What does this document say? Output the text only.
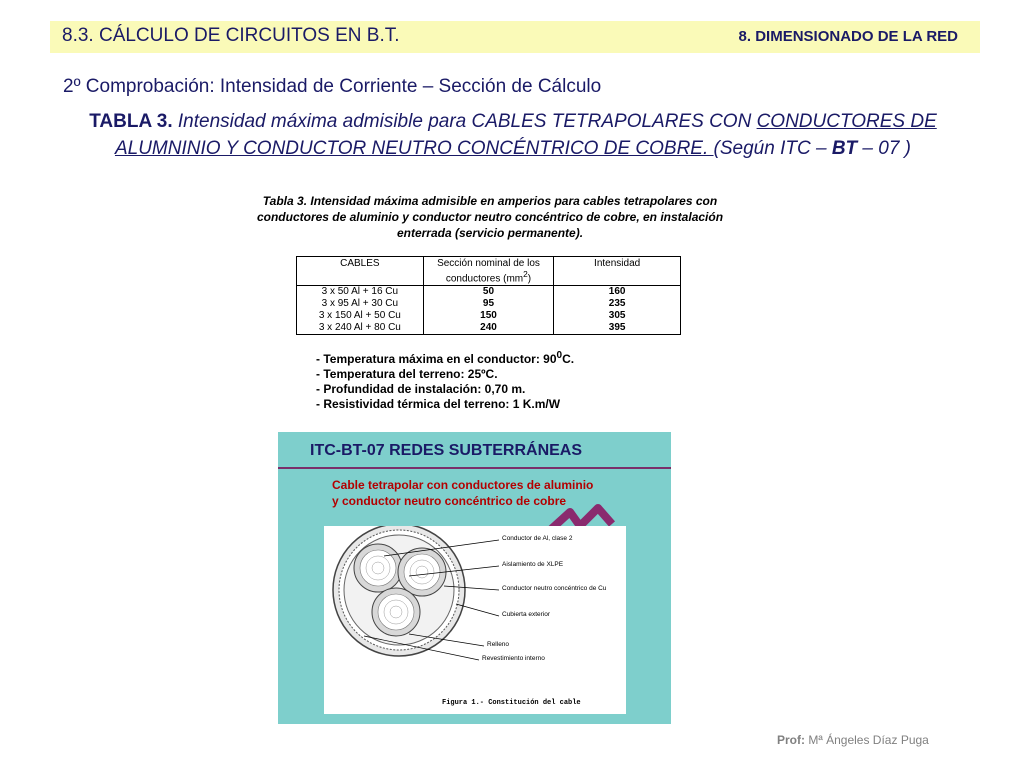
8.3. CÁLCULO DE CIRCUITOS EN B.T.	8. DIMENSIONADO DE LA RED
2º Comprobación: Intensidad de Corriente – Sección de Cálculo
TABLA 3. Intensidad máxima admisible para CABLES TETRAPOLARES CON CONDUCTORES DE ALUMNINIO Y CONDUCTOR NEUTRO CONCÉNTRICO DE COBRE. (Según ITC – BT – 07 )
Tabla 3. Intensidad máxima admisible en amperios para cables tetrapolares con conductores de aluminio y conductor neutro concéntrico de cobre, en instalación enterrada (servicio permanente).
CABLES	Sección nominal de los conductores $(mm^2)$	Intensidad
3 x 50 Al + 16 Cu	50	160
3 x 95 Al + 30 Cu	95	235
3 x 150 Al + 50 Cu	150	305
3 x 240 Al + 80 Cu	240	395
- Temperatura máxima en el conductor: $90^0C$.
- Temperatura del terreno: 25ºC.
- Profundidad de instalación: 0,70 m.
- Resistividad térmica del terreno: 1 K.m/W
ITC-BT-07 REDES SUBTERRÁNEAS
Cable tetrapolar con conductores de aluminio
y conductor neutro concéntrico de cobre
Conductor de Al, clase 2
Aislamiento de XLPE
Conductor neutro concéntrico de Cu
Cubierta exterior
Relleno
Revestimiento interno
Figura 1.- Constitución del cable
Prof: Mª Ángeles Díaz Puga
